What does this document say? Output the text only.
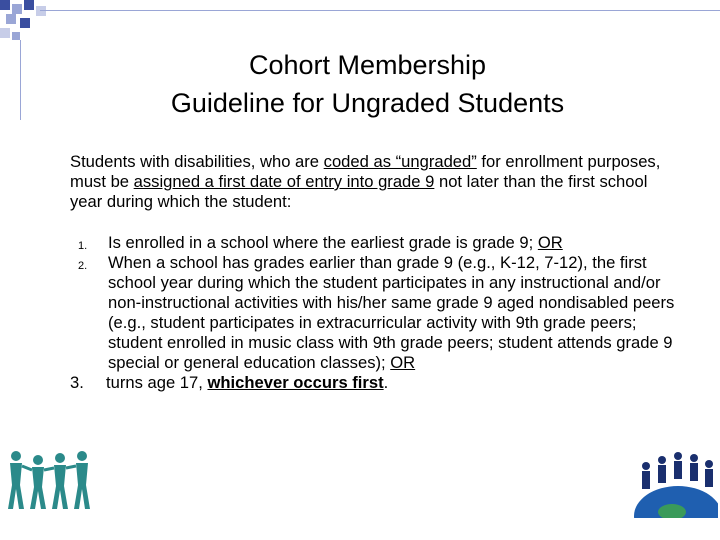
Cohort Membership
Guideline for Ungraded Students
Students with disabilities, who are coded as “ungraded” for enrollment purposes, must be assigned a first date of entry into grade 9 not later than the first school year during which the student:
1. Is enrolled in a school where the earliest grade is grade 9; OR
2. When a school has grades earlier than grade 9 (e.g., K-12, 7-12), the first school year during which the student participates in any instructional and/or non-instructional activities with his/her same grade 9 aged nondisabled peers (e.g., student participates in extracurricular activity with 9th grade peers; student enrolled in music class with 9th grade peers; student attends grade 9 special or general education classes); OR
3. turns age 17, whichever occurs first.
